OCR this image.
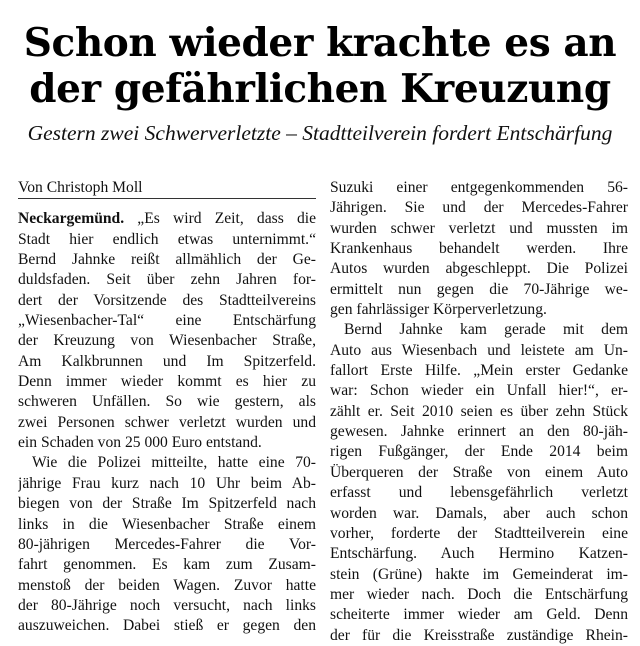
Schon wieder krachte es an
der gefährlichen Kreuzung

Gestern zwei Schwerverletzte – Stadtteilverein fordert Entschärfung

Von Christoph Moll
Neckargemünd. „Es wird Zeit, dass die
Stadt hier endlich etwas unternimmt.“
Bernd Jahnke reißt allmählich der Ge-
duldsfaden. Seit über zehn Jahren for-
dert der Vorsitzende des Stadtteilvereins
„Wiesenbacher-Tal“ eine Entschärfung
der Kreuzung von Wiesenbacher Straße,
Am Kalkbrunnen und Im Spitzerfeld.
Denn immer wieder kommt es hier zu
schweren Unfällen. So wie gestern, als
zwei Personen schwer verletzt wurden und
ein Schaden von 25 000 Euro entstand.
Wie die Polizei mitteilte, hatte eine 70-
jährige Frau kurz nach 10 Uhr beim Ab-
biegen von der Straße Im Spitzerfeld nach
links in die Wiesenbacher Straße einem
80-jährigen Mercedes-Fahrer die Vor-
fahrt genommen. Es kam zum Zusam-
menstoß der beiden Wagen. Zuvor hatte
der 80-Jährige noch versucht, nach links
auszuweichen. Dabei stieß er gegen den
Suzuki einer entgegenkommenden 56-
Jährigen. Sie und der Mercedes-Fahrer
wurden schwer verletzt und mussten im
Krankenhaus behandelt werden. Ihre
Autos wurden abgeschleppt. Die Polizei
ermittelt nun gegen die 70-Jährige we-
gen fahrlässiger Körperverletzung.
Bernd Jahnke kam gerade mit dem
Auto aus Wiesenbach und leistete am Un-
fallort Erste Hilfe. „Mein erster Gedanke
war: Schon wieder ein Unfall hier!“, er-
zählt er. Seit 2010 seien es über zehn Stück
gewesen. Jahnke erinnert an den 80-jäh-
rigen Fußgänger, der Ende 2014 beim
Überqueren der Straße von einem Auto
erfasst und lebensgefährlich verletzt
worden war. Damals, aber auch schon
vorher, forderte der Stadtteilverein eine
Entschärfung. Auch Hermino Katzen-
stein (Grüne) hakte im Gemeinderat im-
mer wieder nach. Doch die Entschärfung
scheiterte immer wieder am Geld. Denn
der für die Kreisstraße zuständige Rhein-
